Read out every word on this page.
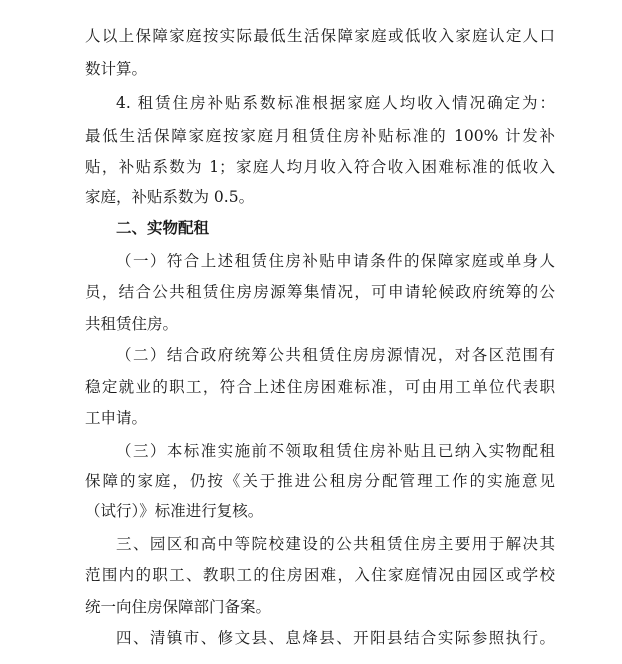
人以上保障家庭按实际最低生活保障家庭或低收入家庭认定人口
数计算。
4. 租赁住房补贴系数标准根据家庭人均收入情况确定为：
最低生活保障家庭按家庭月租赁住房补贴标准的 100% 计发补
贴，补贴系数为 1；家庭人均月收入符合收入困难标准的低收入
家庭，补贴系数为 0.5。
二、实物配租
（一）符合上述租赁住房补贴申请条件的保障家庭或单身人
员，结合公共租赁住房房源筹集情况，可申请轮候政府统筹的公
共租赁住房。
（二）结合政府统筹公共租赁住房房源情况，对各区范围有
稳定就业的职工，符合上述住房困难标准，可由用工单位代表职
工申请。
（三）本标准实施前不领取租赁住房补贴且已纳入实物配租
保障的家庭，仍按《关于推进公租房分配管理工作的实施意见
（试行）》标准进行复核。
三、园区和高中等院校建设的公共租赁住房主要用于解决其
范围内的职工、教职工的住房困难，入住家庭情况由园区或学校
统一向住房保障部门备案。
四、清镇市、修文县、息烽县、开阳县结合实际参照执行。
